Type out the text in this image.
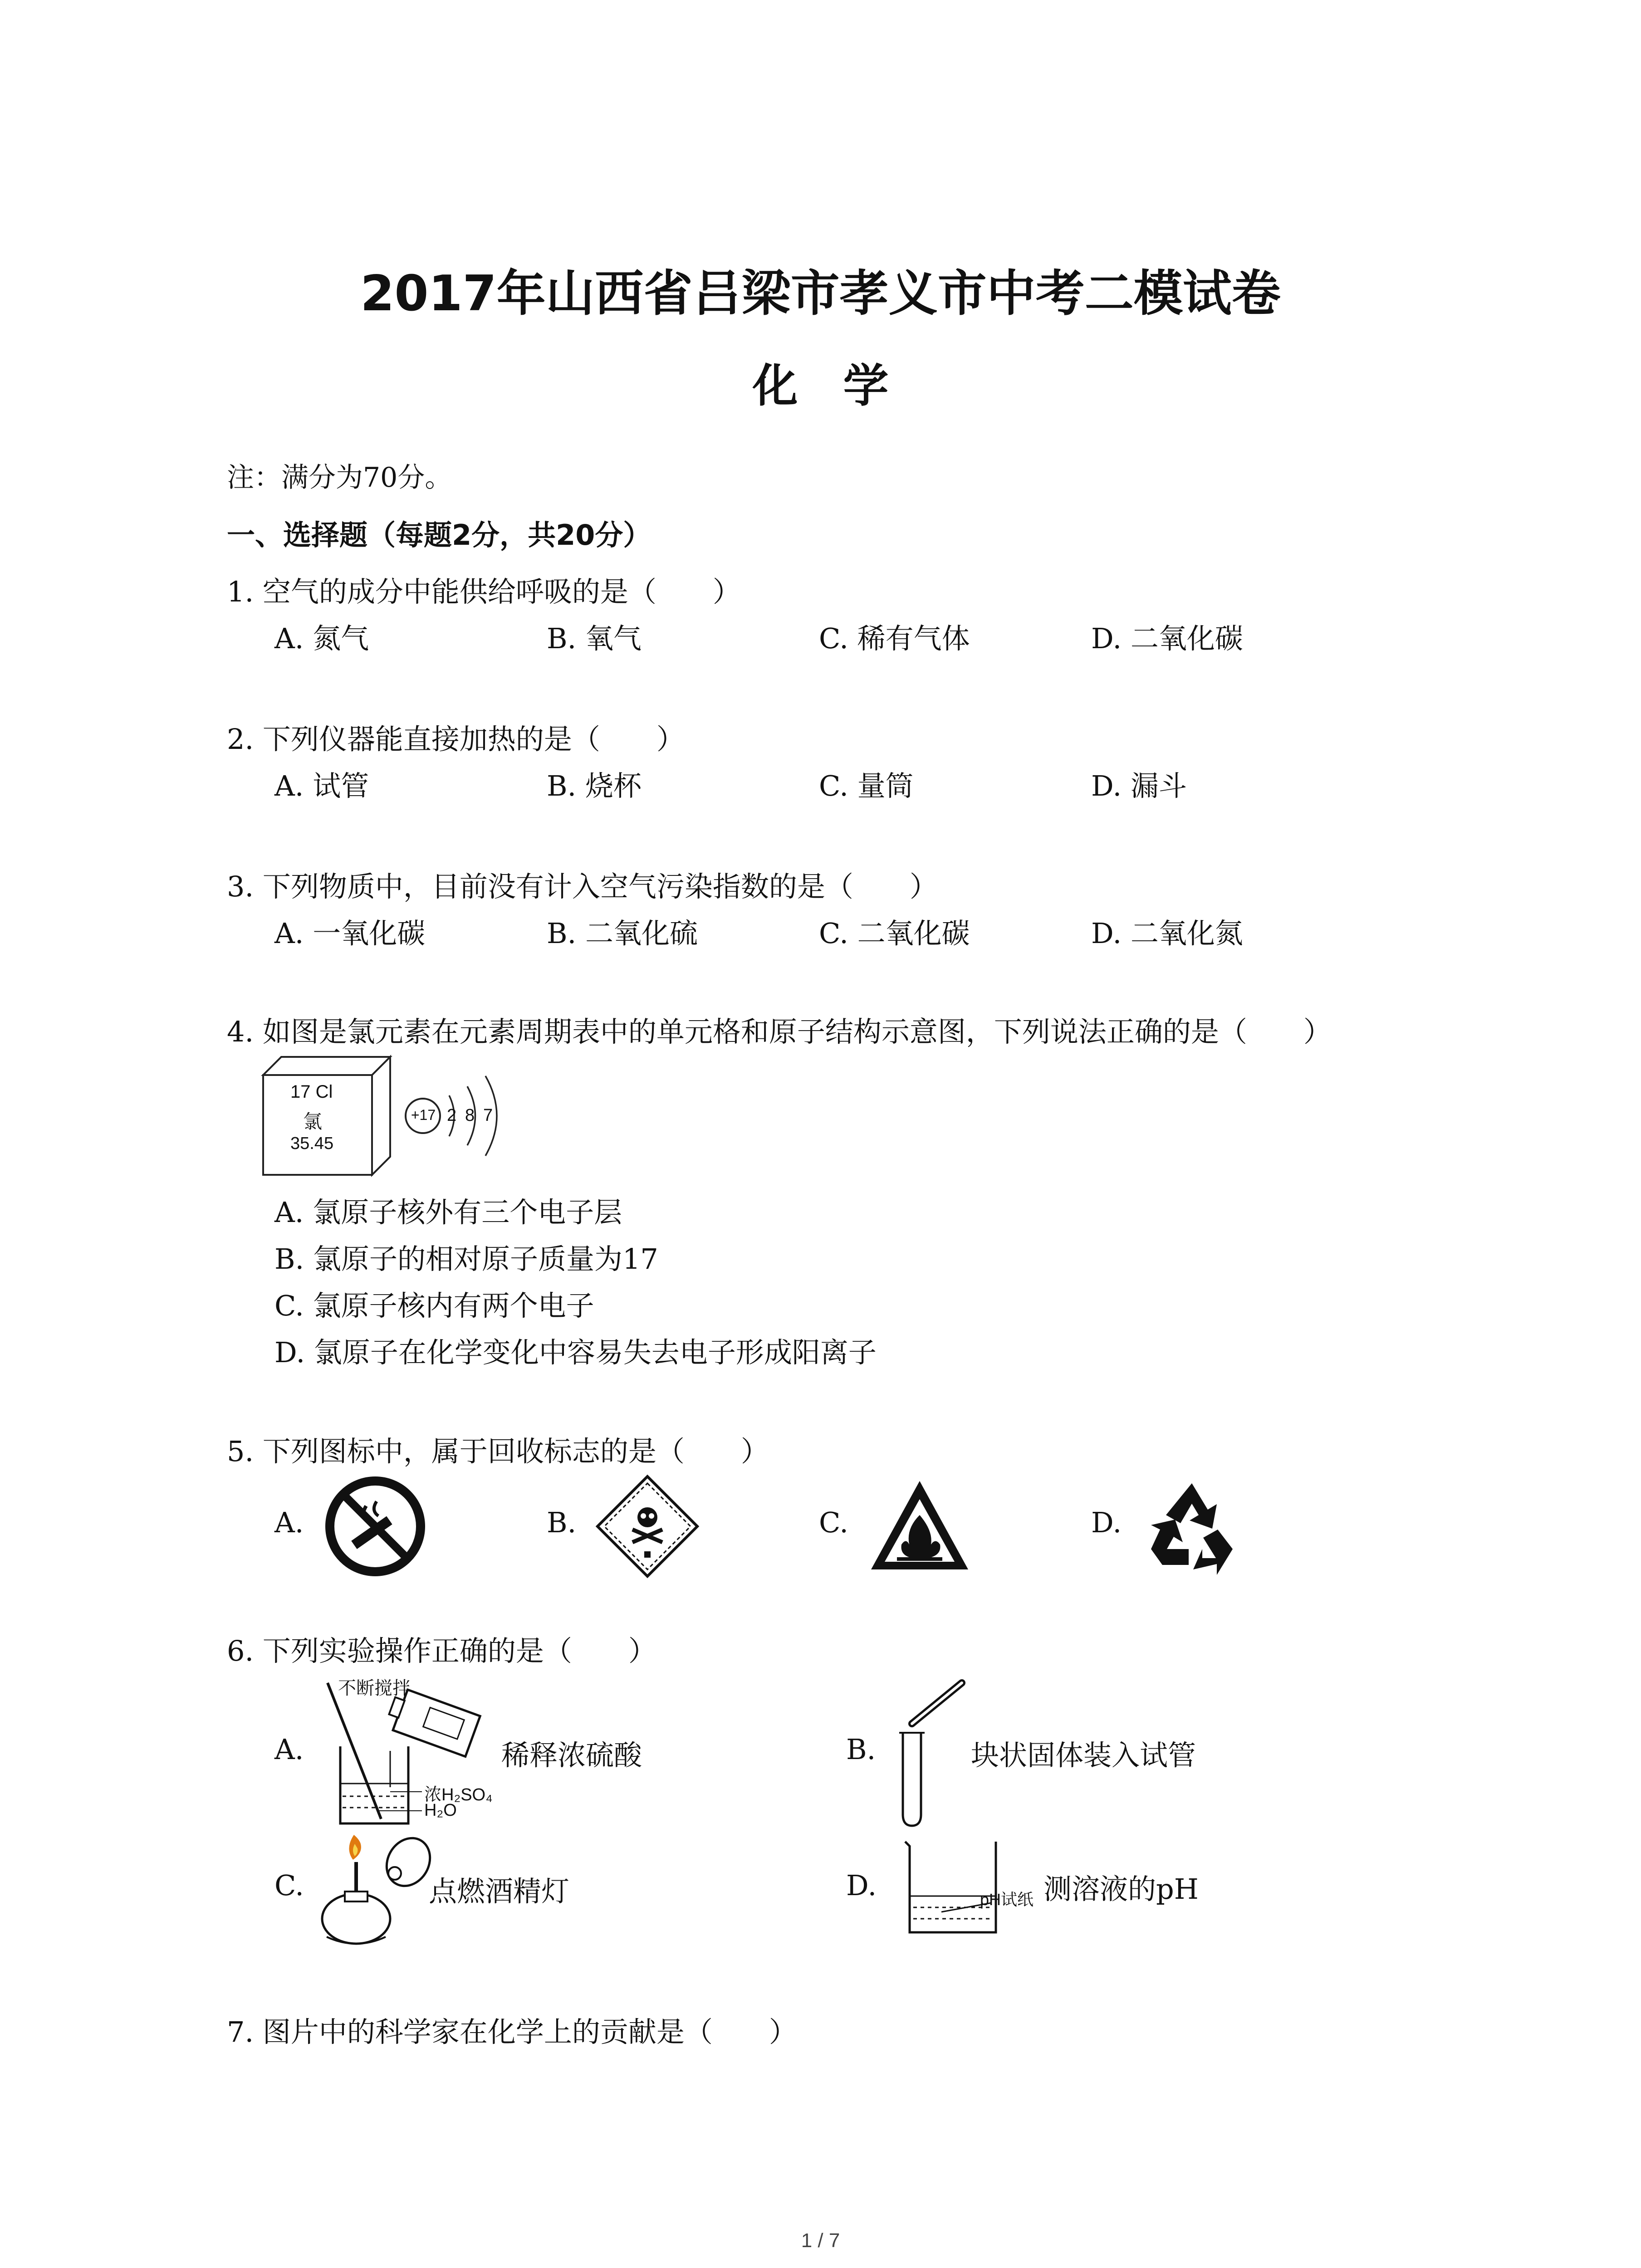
2017年山西省吕梁市孝义市中考二模试卷
化学
注：满分为70分。
一、选择题（每题2分，共20分）
1. 空气的成分中能供给呼吸的是（　　）
A. 氮气	B. 氧气	C. 稀有气体	D. 二氧化碳
2. 下列仪器能直接加热的是（　　）
A. 试管	B. 烧杯	C. 量筒	D. 漏斗
3. 下列物质中，目前没有计入空气污染指数的是（　　）
A. 一氧化碳	B. 二氧化硫	C. 二氧化碳	D. 二氧化氮
4. 如图是氯元素在元素周期表中的单元格和原子结构示意图，下列说法正确的是（　　）
17 Cl
氯
35.45
+17 2 8 7
A. 氯原子核外有三个电子层
B. 氯原子的相对原子质量为17
C. 氯原子核内有两个电子
D. 氯原子在化学变化中容易失去电子形成阳离子
5. 下列图标中，属于回收标志的是（　　）
A.	B.	C.	D.
6. 下列实验操作正确的是（　　）
A.
不断搅拌
浓H₂SO₄
H₂O
稀释浓硫酸	B.	块状固体装入试管
C.	点燃酒精灯	D.	pH试纸 测溶液的pH
7. 图片中的科学家在化学上的贡献是（　　）
1 / 7
